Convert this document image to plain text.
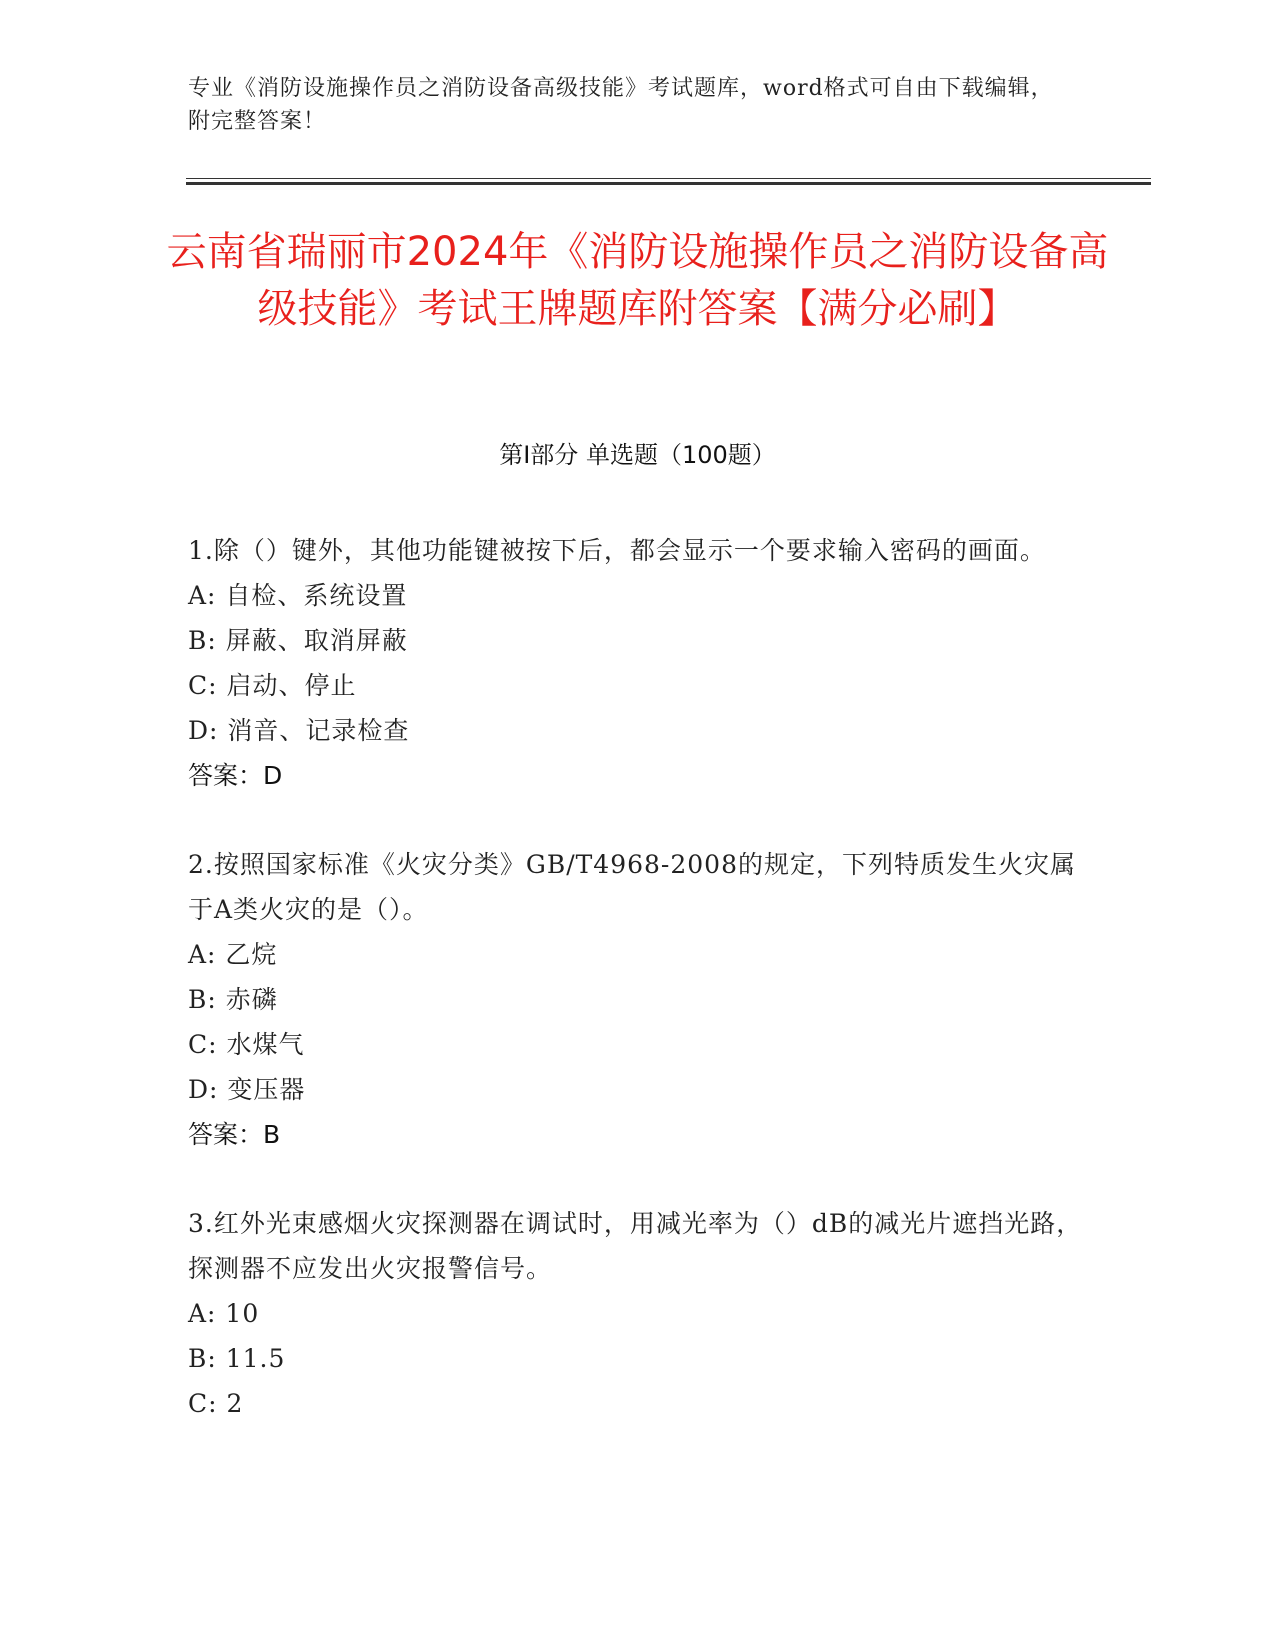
专业《消防设施操作员之消防设备高级技能》考试题库，word格式可自由下载编辑，附完整答案！
云南省瑞丽市2024年《消防设施操作员之消防设备高级技能》考试王牌题库附答案【满分必刷】
第I部分 单选题（100题）
1.除（）键外，其他功能键被按下后，都会显示一个要求输入密码的画面。
A: 自检、系统设置
B: 屏蔽、取消屏蔽
C: 启动、停止
D: 消音、记录检查
答案：D
2.按照国家标准《火灾分类》GB/T4968-2008的规定，下列特质发生火灾属于A类火灾的是（）。
A: 乙烷
B: 赤磷
C: 水煤气
D: 变压器
答案：B
3.红外光束感烟火灾探测器在调试时，用减光率为（）dB的减光片遮挡光路，探测器不应发出火灾报警信号。
A: 10
B: 11.5
C: 2
